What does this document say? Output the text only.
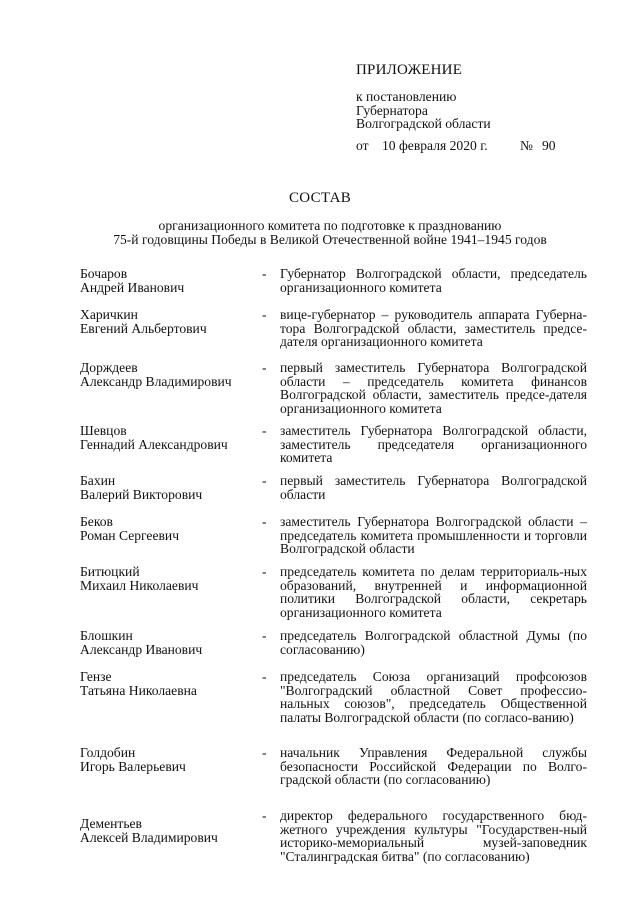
ПРИЛОЖЕНИЕ
к постановлению
Губернатора
Волгоградской области
от 10 февраля 2020 г. № 90
СОСТАВ
организационного комитета по подготовке к празднованию
75-й годовщины Победы в Великой Отечественной войне 1941–1945 годов
Бочаров
Андрей Иванович
- Губернатор Волгоградской области, председатель организационного комитета
Харичкин
Евгений Альбертович
- вице-губернатор – руководитель аппарата Губерна-тора Волгоградской области, заместитель предсе-дателя организационного комитета
Дорждеев
Александр Владимирович
- первый заместитель Губернатора Волгоградской области – председатель комитета финансов Волгоградской области, заместитель предсе-дателя организационного комитета
Шевцов
Геннадий Александрович
- заместитель Губернатора Волгоградской области, заместитель председателя организационного комитета
Бахин
Валерий Викторович
- первый заместитель Губернатора Волгоградской области
Беков
Роман Сергеевич
- заместитель Губернатора Волгоградской области – председатель комитета промышленности и торговли Волгоградской области
Битюцкий
Михаил Николаевич
- председатель комитета по делам территориаль-ных образований, внутренней и информационной политики Волгоградской области, секретарь организационного комитета
Блошкин
Александр Иванович
- председатель Волгоградской областной Думы (по согласованию)
Гензе
Татьяна Николаевна
- председатель Союза организаций профсоюзов "Волгоградский областной Совет профессио-нальных союзов", председатель Общественной палаты Волгоградской области (по согласо-ванию)
Голдобин
Игорь Валерьевич
- начальник Управления Федеральной службы безопасности Российской Федерации по Волго-градской области (по согласованию)
Дементьев
Алексей Владимирович
- директор федерального государственного бюд-жетного учреждения культуры "Государствен-ный историко-мемориальный музей-заповедник "Сталинградская битва" (по согласованию)
